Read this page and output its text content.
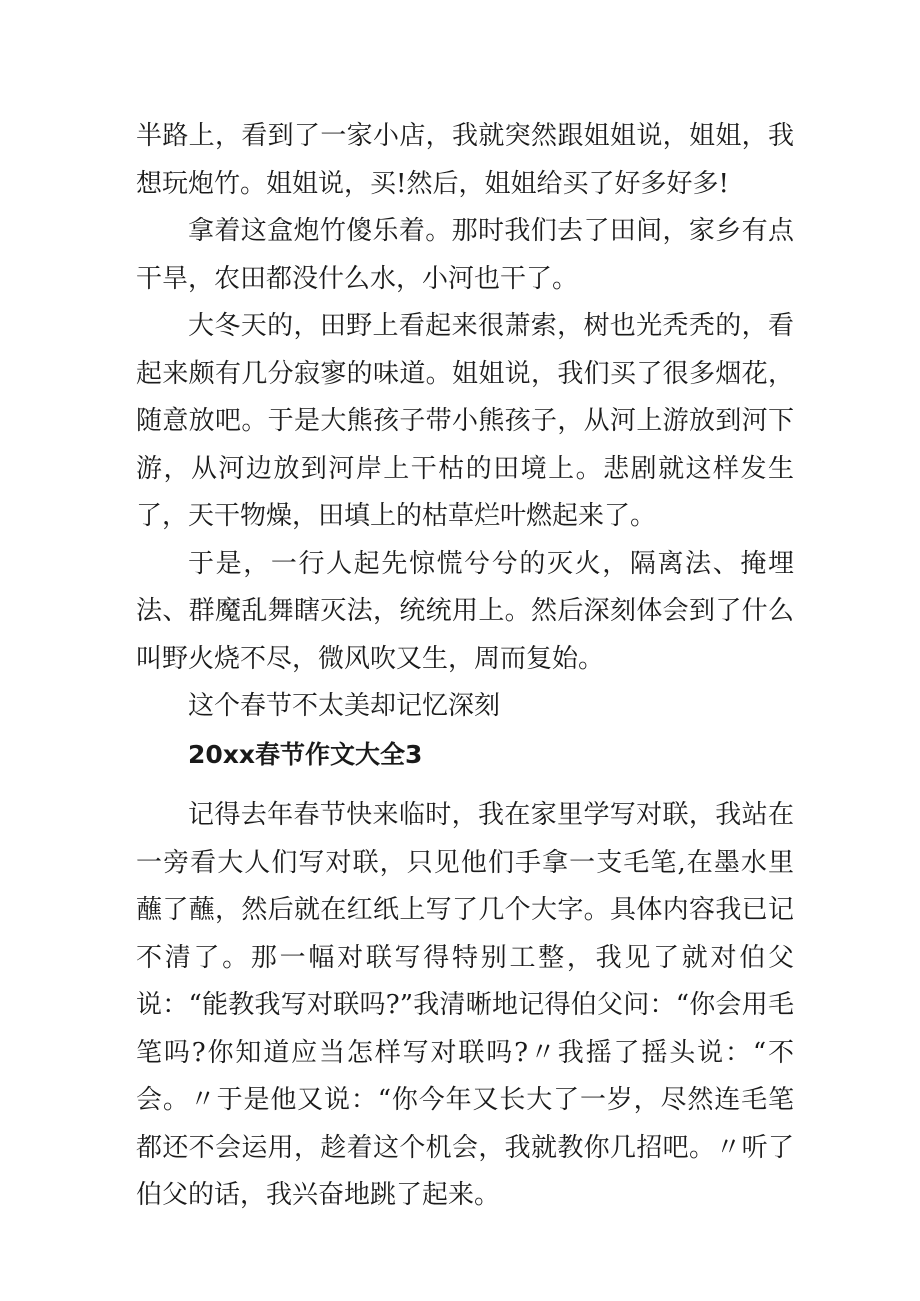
半路上，看到了一家小店，我就突然跟姐姐说，姐姐，我想玩炮竹。姐姐说，买!然后，姐姐给买了好多好多!

拿着这盒炮竹傻乐着。那时我们去了田间，家乡有点干旱，农田都没什么水，小河也干了。

大冬天的，田野上看起来很萧索，树也光秃秃的，看起来颇有几分寂寥的味道。姐姐说，我们买了很多烟花，随意放吧。于是大熊孩子带小熊孩子，从河上游放到河下游，从河边放到河岸上干枯的田境上。悲剧就这样发生了，天干物燥，田填上的枯草烂叶燃起来了。

于是，一行人起先惊慌兮兮的灭火，隔离法、掩埋法、群魔乱舞瞎灭法，统统用上。然后深刻体会到了什么叫野火烧不尽，微风吹又生，周而复始。

这个春节不太美却记忆深刻

20xx春节作文大全3

记得去年春节快来临时，我在家里学写对联，我站在一旁看大人们写对联，只见他们手拿一支毛笔,在墨水里蘸了蘸，然后就在红纸上写了几个大字。具体内容我已记不清了。那一幅对联写得特别工整，我见了就对伯父说：“能教我写对联吗?”我清晰地记得伯父问：“你会用毛笔吗?你知道应当怎样写对联吗?〃我摇了摇头说：“不会。〃于是他又说：“你今年又长大了一岁，尽然连毛笔都还不会运用，趁着这个机会，我就教你几招吧。〃听了伯父的话，我兴奋地跳了起来。
